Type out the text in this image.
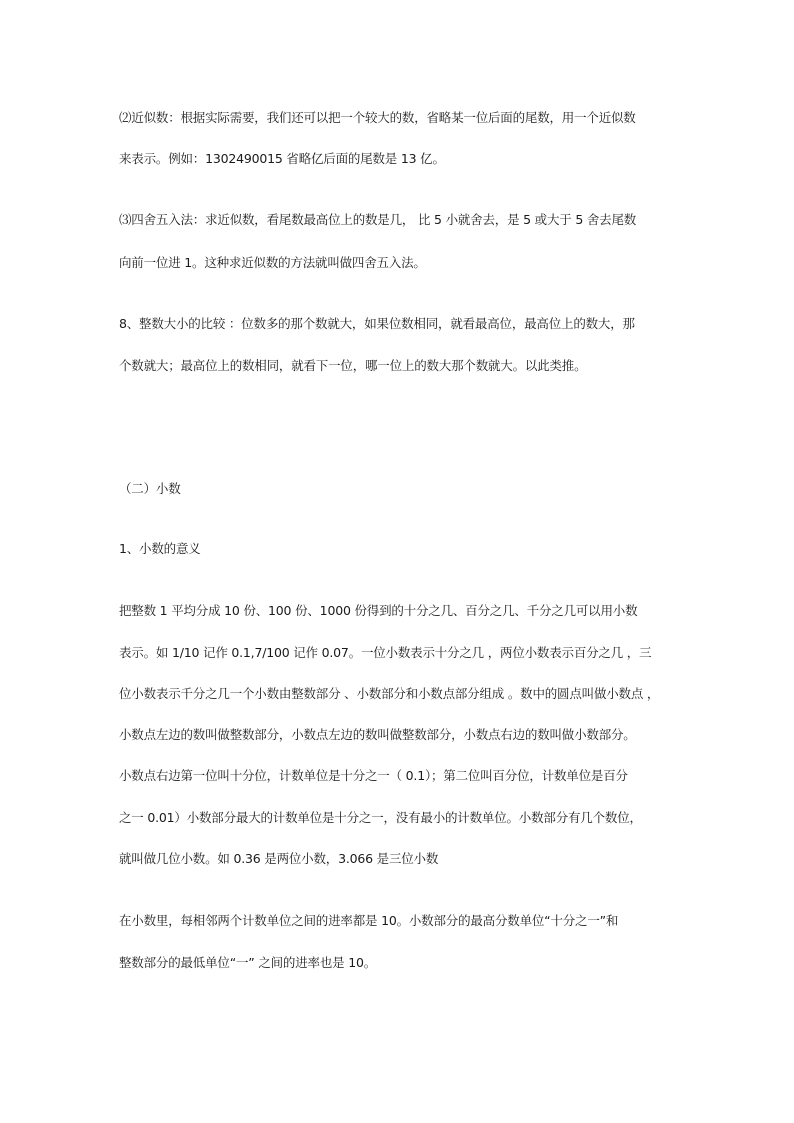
⑵近似数：根据实际需要，我们还可以把一个较大的数，省略某一位后面的尾数，用一个近似数
来表示。例如：1302490015 省略亿后面的尾数是 13 亿。
⑶四舍五入法：求近似数，看尾数最高位上的数是几， 比 5 小就舍去，是 5 或大于 5 舍去尾数
向前一位进 1。这种求近似数的方法就叫做四舍五入法。
8、整数大小的比较 ：位数多的那个数就大，如果位数相同，就看最高位，最高位上的数大，那
个数就大；最高位上的数相同，就看下一位，哪一位上的数大那个数就大。以此类推。
（二）小数
1、小数的意义
把整数 1 平均分成 10 份、100 份、1000 份得到的十分之几、百分之几、千分之几可以用小数
表示。如 1/10 记作 0.1,7/100 记作 0.07。一位小数表示十分之几 ，两位小数表示百分之几 ，三
位小数表示千分之几一个小数由整数部分 、小数部分和小数点部分组成 。数中的圆点叫做小数点 ，
小数点左边的数叫做整数部分，小数点左边的数叫做整数部分，小数点右边的数叫做小数部分。
小数点右边第一位叫十分位，计数单位是十分之一（ 0.1）；第二位叫百分位，计数单位是百分
之一 0.01）小数部分最大的计数单位是十分之一，没有最小的计数单位。小数部分有几个数位，
就叫做几位小数。如 0.36 是两位小数，3.066 是三位小数
在小数里，每相邻两个计数单位之间的进率都是 10。小数部分的最高分数单位“十分之一”和
整数部分的最低单位“一” 之间的进率也是 10。
